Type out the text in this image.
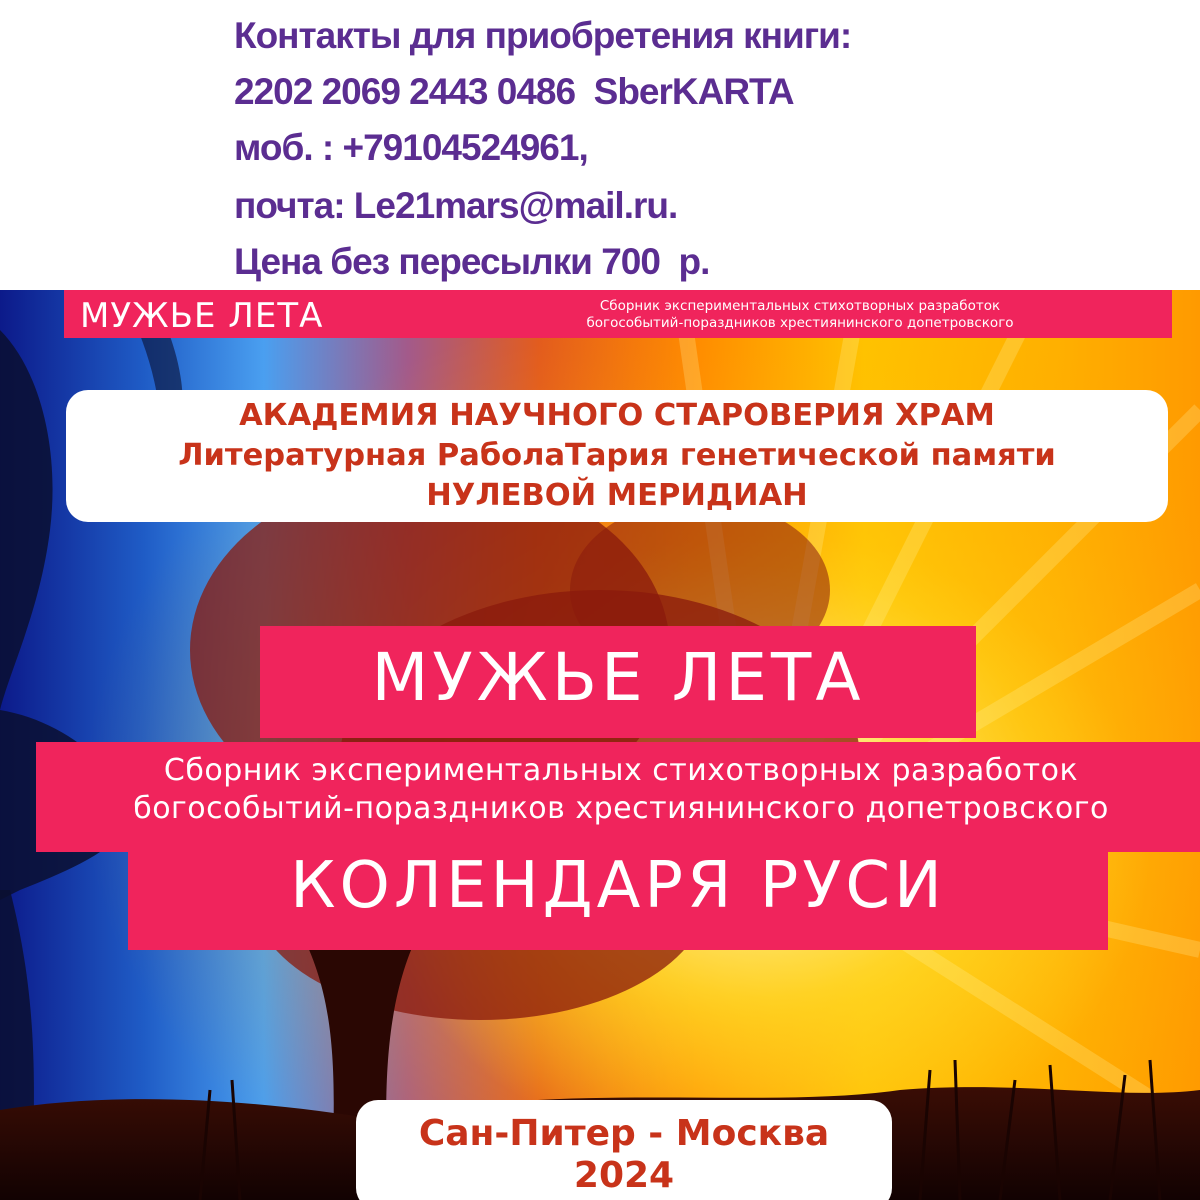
Контакты для приобретения книги:
2202 2069 2443 0486  SberKARTA
моб. : +79104524961,
почта: Le21mars@mail.ru.
Цена без пересылки 700  р.
МУЖЬЕ ЛЕТА	Сборник экспериментальных стихотворных разработок
богособытий-пораздников хрестиянинского допетровского
АКАДЕМИЯ НАУЧНОГО СТАРОВЕРИЯ ХРАМ
Литературная РаболаТария генетической памяти
НУЛЕВОЙ МЕРИДИАН
МУЖЬЕ ЛЕТА
Сборник экспериментальных стихотворных разработок
богособытий-пораздников хрестиянинского допетровского
КОЛЕНДАРЯ РУСИ
Сан-Питер - Москва
2024
